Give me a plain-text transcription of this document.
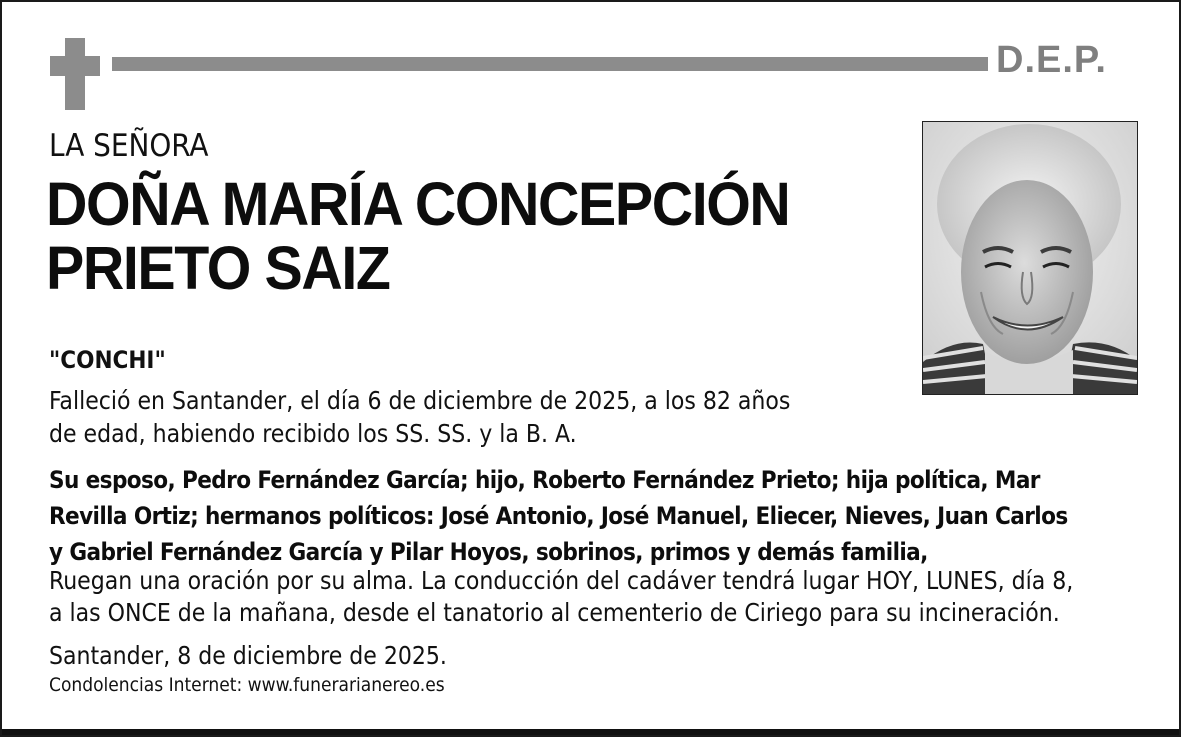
D.E.P.
LA SEÑORA
DOÑA MARÍA CONCEPCIÓN
PRIETO SAIZ
"CONCHI"
Falleció en Santander, el día 6 de diciembre de 2025, a los 82 años
de edad, habiendo recibido los SS. SS. y la B. A.
Su esposo, Pedro Fernández García; hijo, Roberto Fernández Prieto; hija política, Mar
Revilla Ortiz; hermanos políticos: José Antonio, José Manuel, Eliecer, Nieves, Juan Carlos
y Gabriel Fernández García y Pilar Hoyos, sobrinos, primos y demás familia,
Ruegan una oración por su alma. La conducción del cadáver tendrá lugar HOY, LUNES, día 8,
a las ONCE de la mañana, desde el tanatorio al cementerio de Ciriego para su incineración.
Santander, 8 de diciembre de 2025.
Condolencias Internet: www.funerarianereo.es
